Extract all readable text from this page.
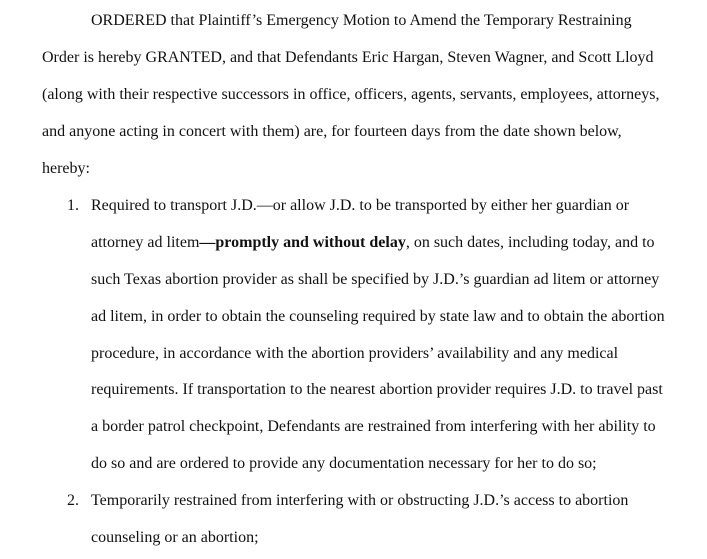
ORDERED that Plaintiff’s Emergency Motion to Amend the Temporary Restraining
Order is hereby GRANTED, and that Defendants Eric Hargan, Steven Wagner, and Scott Lloyd
(along with their respective successors in office, officers, agents, servants, employees, attorneys,
and anyone acting in concert with them) are, for fourteen days from the date shown below,
hereby:
1. Required to transport J.D.—or allow J.D. to be transported by either her guardian or
attorney ad litem—promptly and without delay, on such dates, including today, and to
such Texas abortion provider as shall be specified by J.D.’s guardian ad litem or attorney
ad litem, in order to obtain the counseling required by state law and to obtain the abortion
procedure, in accordance with the abortion providers’ availability and any medical
requirements. If transportation to the nearest abortion provider requires J.D. to travel past
a border patrol checkpoint, Defendants are restrained from interfering with her ability to
do so and are ordered to provide any documentation necessary for her to do so;
2. Temporarily restrained from interfering with or obstructing J.D.’s access to abortion
counseling or an abortion;
